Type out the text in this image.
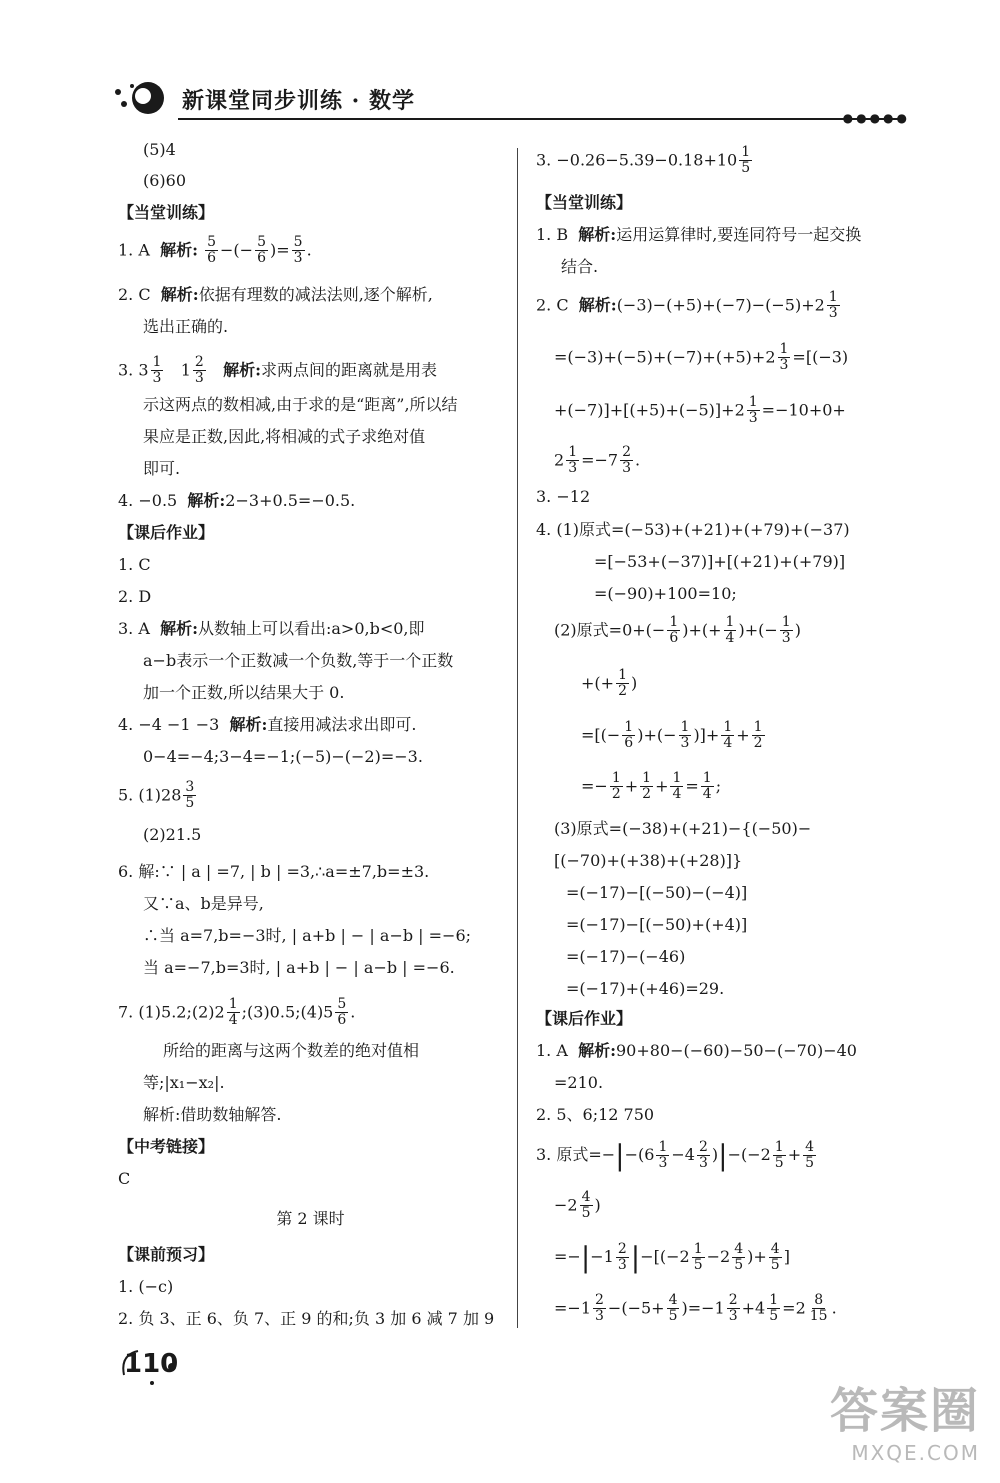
新课堂同步训练 · 数学
●●●●●
(5)4
(6)60
【当堂训练】
1. A 解析: $\frac{5}{6}$ −(− $\frac{5}{6}$ )= $\frac{5}{3}$ .
2. C 解析:依据有理数的减法法则,逐个解析,
选出正确的.
3. $3 \frac{1}{3} 1 \frac{2}{3}$ 解析:求两点间的距离就是用表
示这两点的数相减,由于求的是“距离”,所以结
果应是正数,因此,将相减的式子求绝对值
即可.
4. −0.5 解析:2−3+0.5=−0.5.
【课后作业】
1. C
2. D
3. A 解析:从数轴上可以看出:a>0,b<0,即
a−b表示一个正数减一个负数,等于一个正数
加一个正数,所以结果大于 0.
4. −4 −1 −3 解析:直接用减法求出即可.
0−4=−4;3−4=−1;(−5)−(−2)=−3.
5. $(1)28 \frac{3}{5}$
(2)21.5
6. 解:∵ | a | =7, | b | =3,∴a=±7,b=±3.
又∵a、b是异号,
∴当 a=7,b=−3时, | a+b | − | a−b | =−6;
当 a=−7,b=3时, | a+b | − | a−b | =−6.
7. (1)5.2;(2)2 $\frac{1}{4}$ ;(3)0.5;(4)5 $\frac{5}{6}$ .
所给的距离与这两个数差的绝对值相
等;|x₁−x₂|.
解析:借助数轴解答.
【中考链接】
C
第 2 课时
【课前预习】
1. (−c)
2. 负 3、正 6、负 7、正 9 的和;负 3 加 6 减 7 加 9
3. $-0.26-5.39-0.18+10 \frac{1}{5}$
【当堂训练】
1. B 解析:运用运算律时,要连同符号一起交换
结合.
2. C 解析:(−3)−(+5)+(−7)−(−5)+2 $\frac{1}{3}$
$=(-3)+(-5)+(-7)+(+5)+2 \frac{1}{3} =[(-3)$
$+(-7)]+[(+5)+(-5)]+2 \frac{1}{3} =-10+0+$
$2 \frac{1}{3} =-7 \frac{2}{3}$ .
3. −12
4. (1)原式=(−53)+(+21)+(+79)+(−37)
=[−53+(−37)]+[(+21)+(+79)]
=(−90)+100=10;
(2)原式$=0+(- \frac{1}{6}$ )+(+ $\frac{1}{4}$ )+(− $\frac{1}{3}$ )
+(+ $\frac{1}{2}$ )
=[(− $\frac{1}{6}$ )+(− $\frac{1}{3}$ )]+ $\frac{1}{4} + \frac{1}{2}$
=− $\frac{1}{2} + \frac{1}{2} + \frac{1}{4} = \frac{1}{4}$ ;
(3)原式=(−38)+(+21)−{(−50)−
[(−70)+(+38)+(+28)]}
=(−17)−[(−50)−(−4)]
=(−17)−[(−50)+(+4)]
=(−17)−(−46)
=(−17)+(+46)=29.
【课后作业】
1. A 解析:90+80−(−60)−50−(−70)−40
=210.
2. 5、6;12 750
3. 原式$=-|-(6 \frac{1}{3} -4 \frac{2}{3} )|-(-2 \frac{1}{5} + \frac{4}{5}$
$-2 \frac{4}{5}$ )
$=-|-1 \frac{2}{3} |-[(-2 \frac{1}{5} -2 \frac{4}{5}$ )+ $\frac{4}{5}$ ]
$=-1 \frac{2}{3} -(-5+ \frac{4}{5} )=-1 \frac{2}{3} +4 \frac{1}{5} =2 \frac{8}{15}$ .
110
答案圈
MXQE.COM
